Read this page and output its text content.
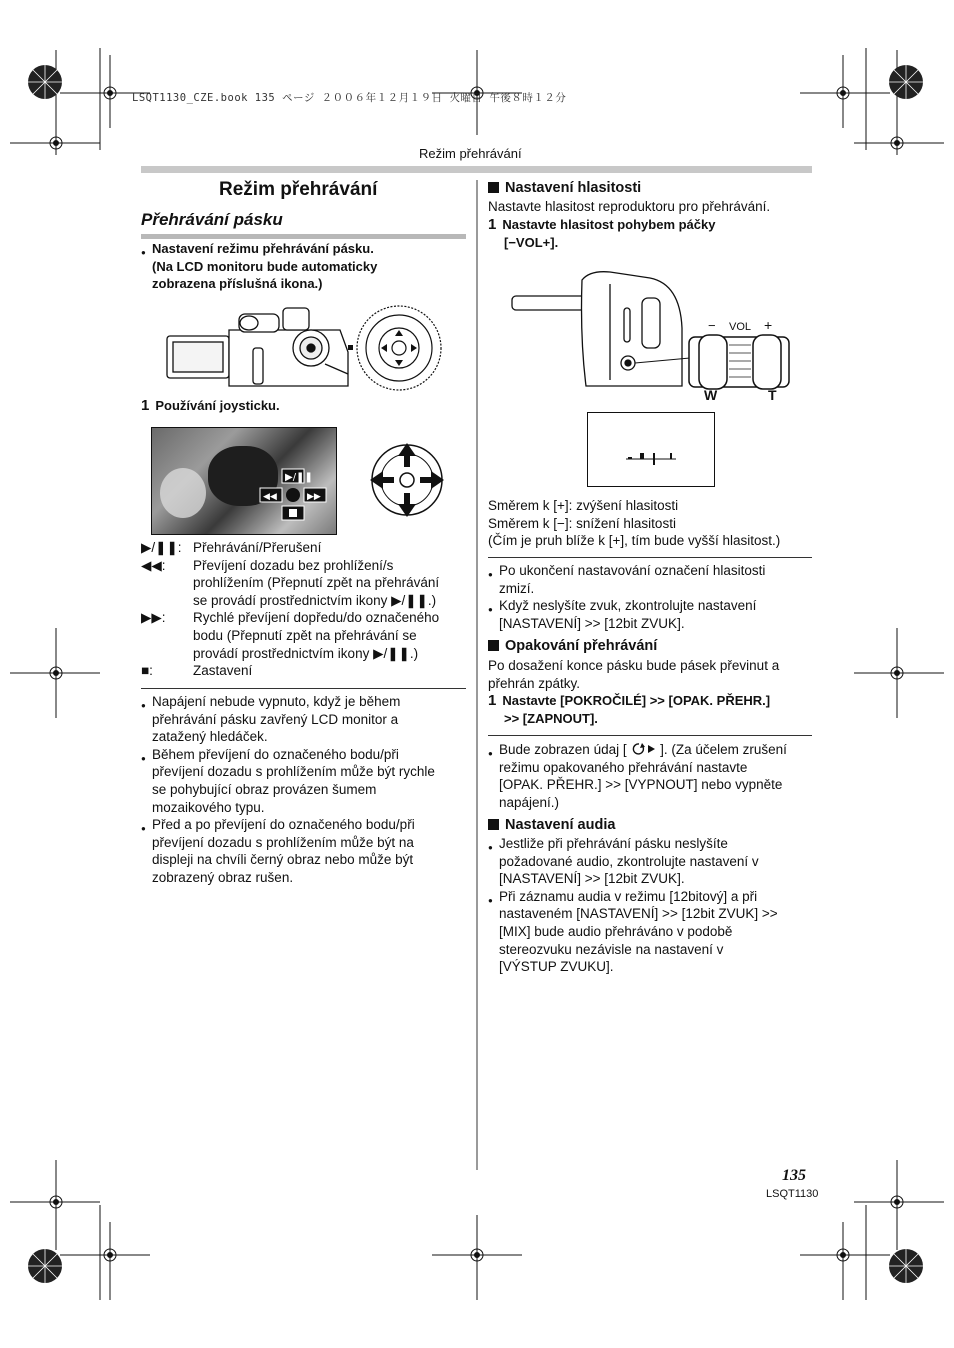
LSQT1130_CZE.book 135 ページ ２００６年１２月１９日 火曜日 午後８時１２分
Režim přehrávání
Režim přehrávání
Přehrávání pásku
● Nastavení režimu přehrávání pásku.
(Na LCD monitoru bude automaticky
zobrazena příslušná ikona.)
1 Používání joysticku.
▶/❚❚
◀◀	▶▶
▶/❚❚: Přehrávání/Přerušení
◀◀:	Převíjení dozadu bez prohlížení/s
prohlížením (Přepnutí zpět na přehrávání
se provádí prostřednictvím ikony ▶/❚❚.)
▶▶:	Rychlé převíjení dopředu/do označeného
bodu (Přepnutí zpět na přehrávání se
provádí prostřednictvím ikony ▶/❚❚.)
■:	Zastavení
● Napájení nebude vypnuto, když je během
přehrávání pásku zavřený LCD monitor a
zatažený hledáček.
● Během převíjení do označeného bodu/při
převíjení dozadu s prohlížením může být rychle
se pohybující obraz provázen šumem
mozaikového typu.
● Před a po převíjení do označeného bodu/při
převíjení dozadu s prohlížením může být na
displeji na chvíli černý obraz nebo může být
zobrazený obraz rušen.
Nastavení hlasitosti
Nastavte hlasitost reproduktoru pro přehrávání.
1 Nastavte hlasitost pohybem páčky
[−VOL+].
− VOL +
W	T
Směrem k [+]: zvýšení hlasitosti
Směrem k [−]: snížení hlasitosti
(Čím je pruh blíže k [+], tím bude vyšší hlasitost.)
● Po ukončení nastavování označení hlasitosti
zmizí.
● Když neslyšíte zvuk, zkontrolujte nastavení
[NASTAVENÍ] >> [12bit ZVUK].
Opakování přehrávání
Po dosažení konce pásku bude pásek převinut a
přehrán zpátky.
1 Nastavte [POKROČILÉ] >> [OPAK. PŘEHR.]
>> [ZAPNOUT].
● Bude zobrazen údaj [ ]. (Za účelem zrušení
režimu opakovaného přehrávání nastavte
[OPAK. PŘEHR.] >> [VYPNOUT] nebo vypněte
napájení.)
Nastavení audia
● Jestliže při přehrávání pásku neslyšíte
požadované audio, zkontrolujte nastavení v
[NASTAVENÍ] >> [12bit ZVUK].
● Při záznamu audia v režimu [12bitový] a při
nastaveném [NASTAVENÍ] >> [12bit ZVUK] >>
[MIX] bude audio přehráváno v podobě
stereozvuku nezávisle na nastavení v
[VÝSTUP ZVUKU].
135
LSQT1130
